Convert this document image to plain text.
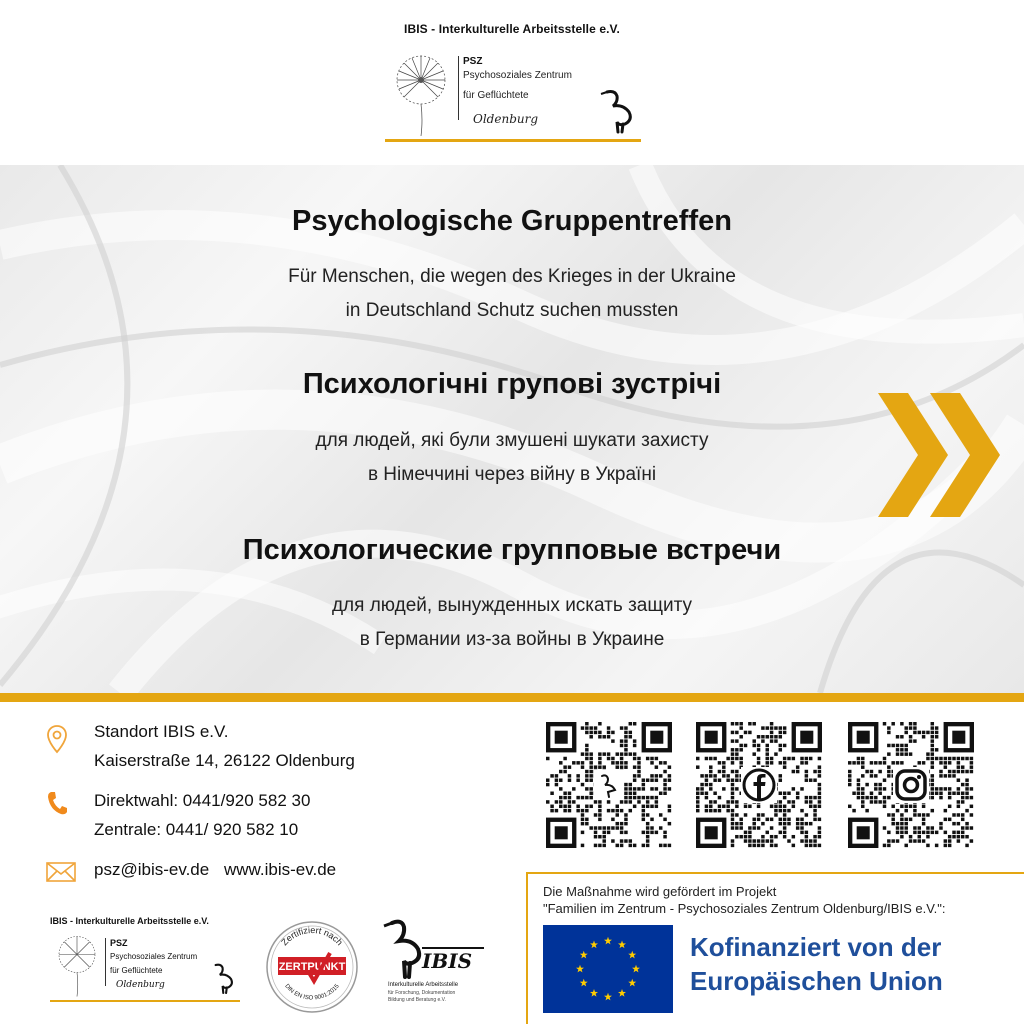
IBIS - Interkulturelle Arbeitsstelle e.V.
PSZ
Psychosoziales Zentrum
für Geflüchtete
Oldenburg
Psychologische Gruppentreffen
Für Menschen, die wegen des Krieges in der Ukraine
in Deutschland Schutz suchen mussten
Психологічні групові зустрічі
для людей, які були змушені шукати захисту
в Німеччині через війну в Україні
Психологические групповые встречи
для людей, вынужденных искать защиту
в Германии из-за войны в Украине
Standort IBIS e.V.
Kaiserstraße 14, 26122 Oldenburg
Direktwahl: 0441/920 582 30
Zentrale: 0441/ 920 582 10
psz@ibis-ev.de www.ibis-ev.de
IBIS - Interkulturelle Arbeitsstelle e.V.
PSZ
Psychosoziales Zentrum
für Geflüchtete
Oldenburg
Zertifiziert nach
ZERTPUNKT
DIN EN ISO 9001:2015
IBIS
Interkulturelle Arbeitsstelle
für Forschung, Dokumentation
Bildung und Beratung e.V.
Die Maßnahme wird gefördert im Projekt
"Familien im Zentrum - Psychosoziales Zentrum Oldenburg/IBIS e.V.":
Kofinanziert von der
Europäischen Union
